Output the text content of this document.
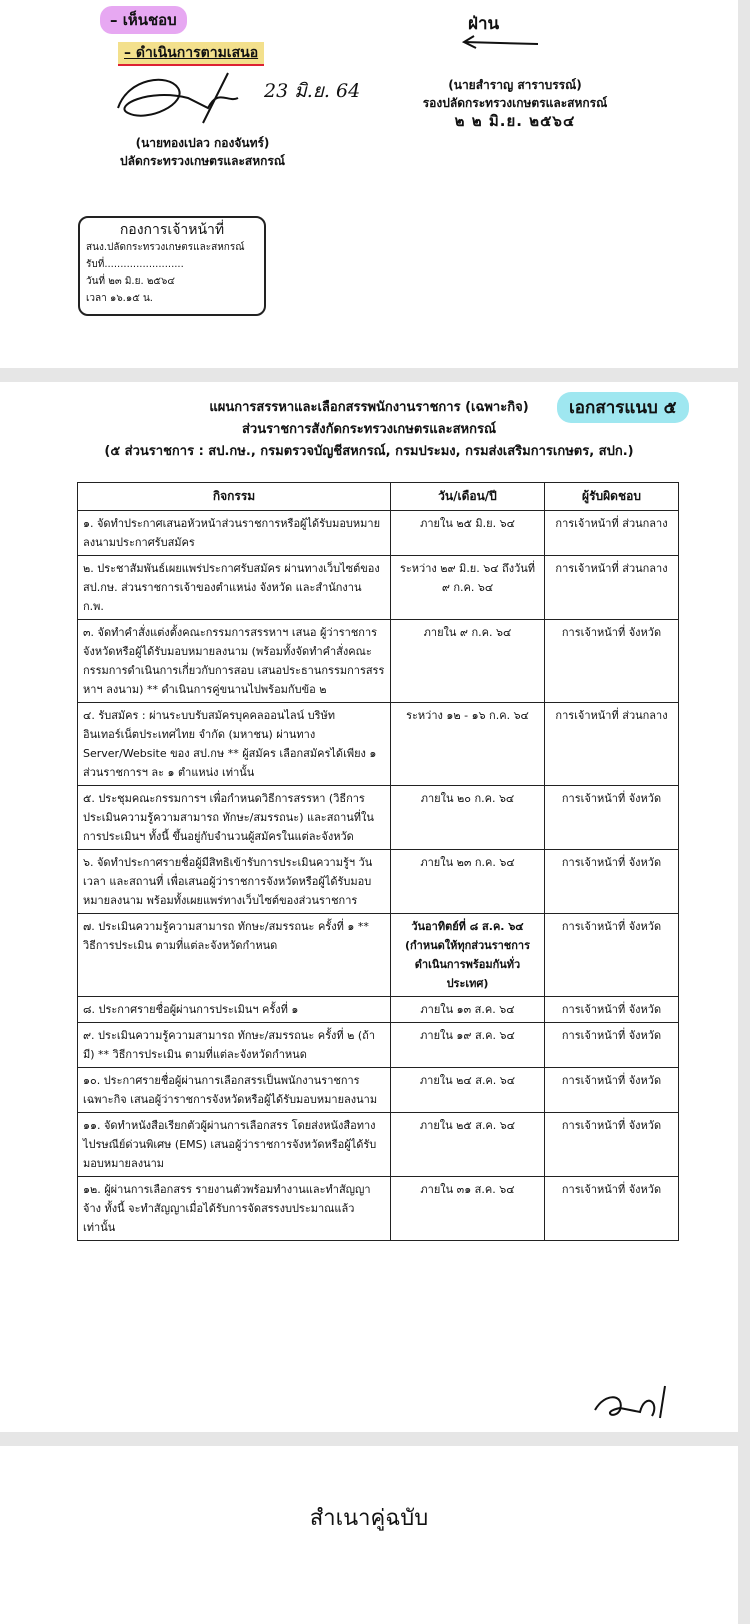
– เห็นชอบ
– ดำเนินการตามเสนอ
ฝ่าน
23 มิ.ย. 64
(นายทองเปลว กองจันทร์)
ปลัดกระทรวงเกษตรและสหกรณ์
(นายสำราญ สาราบรรณ์)
รองปลัดกระทรวงเกษตรและสหกรณ์
๒ ๒ มิ.ย. ๒๕๖๔
กองการเจ้าหน้าที่
สนง.ปลัดกระทรวงเกษตรและสหกรณ์
รับที่.........................
วันที่ ๒๓ มิ.ย. ๒๕๖๔
เวลา ๑๖.๑๕ น.
แผนการสรรหาและเลือกสรรพนักงานราชการ (เฉพาะกิจ)
ส่วนราชการสังกัดกระทรวงเกษตรและสหกรณ์
(๕ ส่วนราชการ : สป.กษ., กรมตรวจบัญชีสหกรณ์, กรมประมง, กรมส่งเสริมการเกษตร, สปก.)
เอกสารแนบ ๕
กิจกรรม	วัน/เดือน/ปี	ผู้รับผิดชอบ
๑. จัดทำประกาศเสนอหัวหน้าส่วนราชการหรือผู้ได้รับมอบหมายลงนามประกาศรับสมัคร	ภายใน ๒๕ มิ.ย. ๖๔	การเจ้าหน้าที่ ส่วนกลาง
๒. ประชาสัมพันธ์เผยแพร่ประกาศรับสมัคร ผ่านทางเว็บไซต์ของสป.กษ. ส่วนราชการเจ้าของตำแหน่ง จังหวัด และสำนักงาน ก.พ.	ระหว่าง ๒๙ มิ.ย. ๖๔ ถึงวันที่ ๙ ก.ค. ๖๔	การเจ้าหน้าที่ ส่วนกลาง
๓. จัดทำคำสั่งแต่งตั้งคณะกรรมการสรรหาฯ เสนอ ผู้ว่าราชการจังหวัดหรือผู้ได้รับมอบหมายลงนาม (พร้อมทั้งจัดทำคำสั่งคณะกรรมการดำเนินการเกี่ยวกับการสอบ เสนอประธานกรรมการสรรหาฯ ลงนาม) ** ดำเนินการคู่ขนานไปพร้อมกับข้อ ๒	ภายใน ๙ ก.ค. ๖๔	การเจ้าหน้าที่ จังหวัด
๔. รับสมัคร : ผ่านระบบรับสมัครบุคคลออนไลน์ บริษัทอินเทอร์เน็ตประเทศไทย จำกัด (มหาชน) ผ่านทาง Server/Website ของ สป.กษ ** ผู้สมัคร เลือกสมัครได้เพียง ๑ ส่วนราชการฯ ละ ๑ ตำแหน่ง เท่านั้น	ระหว่าง ๑๒ - ๑๖ ก.ค. ๖๔	การเจ้าหน้าที่ ส่วนกลาง
๕. ประชุมคณะกรรมการฯ เพื่อกำหนดวิธีการสรรหา (วิธีการประเมินความรู้ความสามารถ ทักษะ/สมรรถนะ) และสถานที่ในการประเมินฯ ทั้งนี้ ขึ้นอยู่กับจำนวนผู้สมัครในแต่ละจังหวัด	ภายใน ๒๐ ก.ค. ๖๔	การเจ้าหน้าที่ จังหวัด
๖. จัดทำประกาศรายชื่อผู้มีสิทธิเข้ารับการประเมินความรู้ฯ วัน เวลา และสถานที่ เพื่อเสนอผู้ว่าราชการจังหวัดหรือผู้ได้รับมอบหมายลงนาม พร้อมทั้งเผยแพร่ทางเว็บไซต์ของส่วนราชการ	ภายใน ๒๓ ก.ค. ๖๔	การเจ้าหน้าที่ จังหวัด
๗. ประเมินความรู้ความสามารถ ทักษะ/สมรรถนะ ครั้งที่ ๑ ** วิธีการประเมิน ตามที่แต่ละจังหวัดกำหนด	วันอาทิตย์ที่ ๘ ส.ค. ๖๔ (กำหนดให้ทุกส่วนราชการดำเนินการพร้อมกันทั่วประเทศ)	การเจ้าหน้าที่ จังหวัด
๘. ประกาศรายชื่อผู้ผ่านการประเมินฯ ครั้งที่ ๑	ภายใน ๑๓ ส.ค. ๖๔	การเจ้าหน้าที่ จังหวัด
๙. ประเมินความรู้ความสามารถ ทักษะ/สมรรถนะ ครั้งที่ ๒ (ถ้ามี) ** วิธีการประเมิน ตามที่แต่ละจังหวัดกำหนด	ภายใน ๑๙ ส.ค. ๖๔	การเจ้าหน้าที่ จังหวัด
๑๐. ประกาศรายชื่อผู้ผ่านการเลือกสรรเป็นพนักงานราชการเฉพาะกิจ เสนอผู้ว่าราชการจังหวัดหรือผู้ได้รับมอบหมายลงนาม	ภายใน ๒๔ ส.ค. ๖๔	การเจ้าหน้าที่ จังหวัด
๑๑. จัดทำหนังสือเรียกตัวผู้ผ่านการเลือกสรร โดยส่งหนังสือทางไปรษณีย์ด่วนพิเศษ (EMS) เสนอผู้ว่าราชการจังหวัดหรือผู้ได้รับมอบหมายลงนาม	ภายใน ๒๕ ส.ค. ๖๔	การเจ้าหน้าที่ จังหวัด
๑๒. ผู้ผ่านการเลือกสรร รายงานตัวพร้อมทำงานและทำสัญญาจ้าง ทั้งนี้ จะทำสัญญาเมื่อได้รับการจัดสรรงบประมาณแล้วเท่านั้น	ภายใน ๓๑ ส.ค. ๖๔	การเจ้าหน้าที่ จังหวัด
สำเนาคู่ฉบับ
